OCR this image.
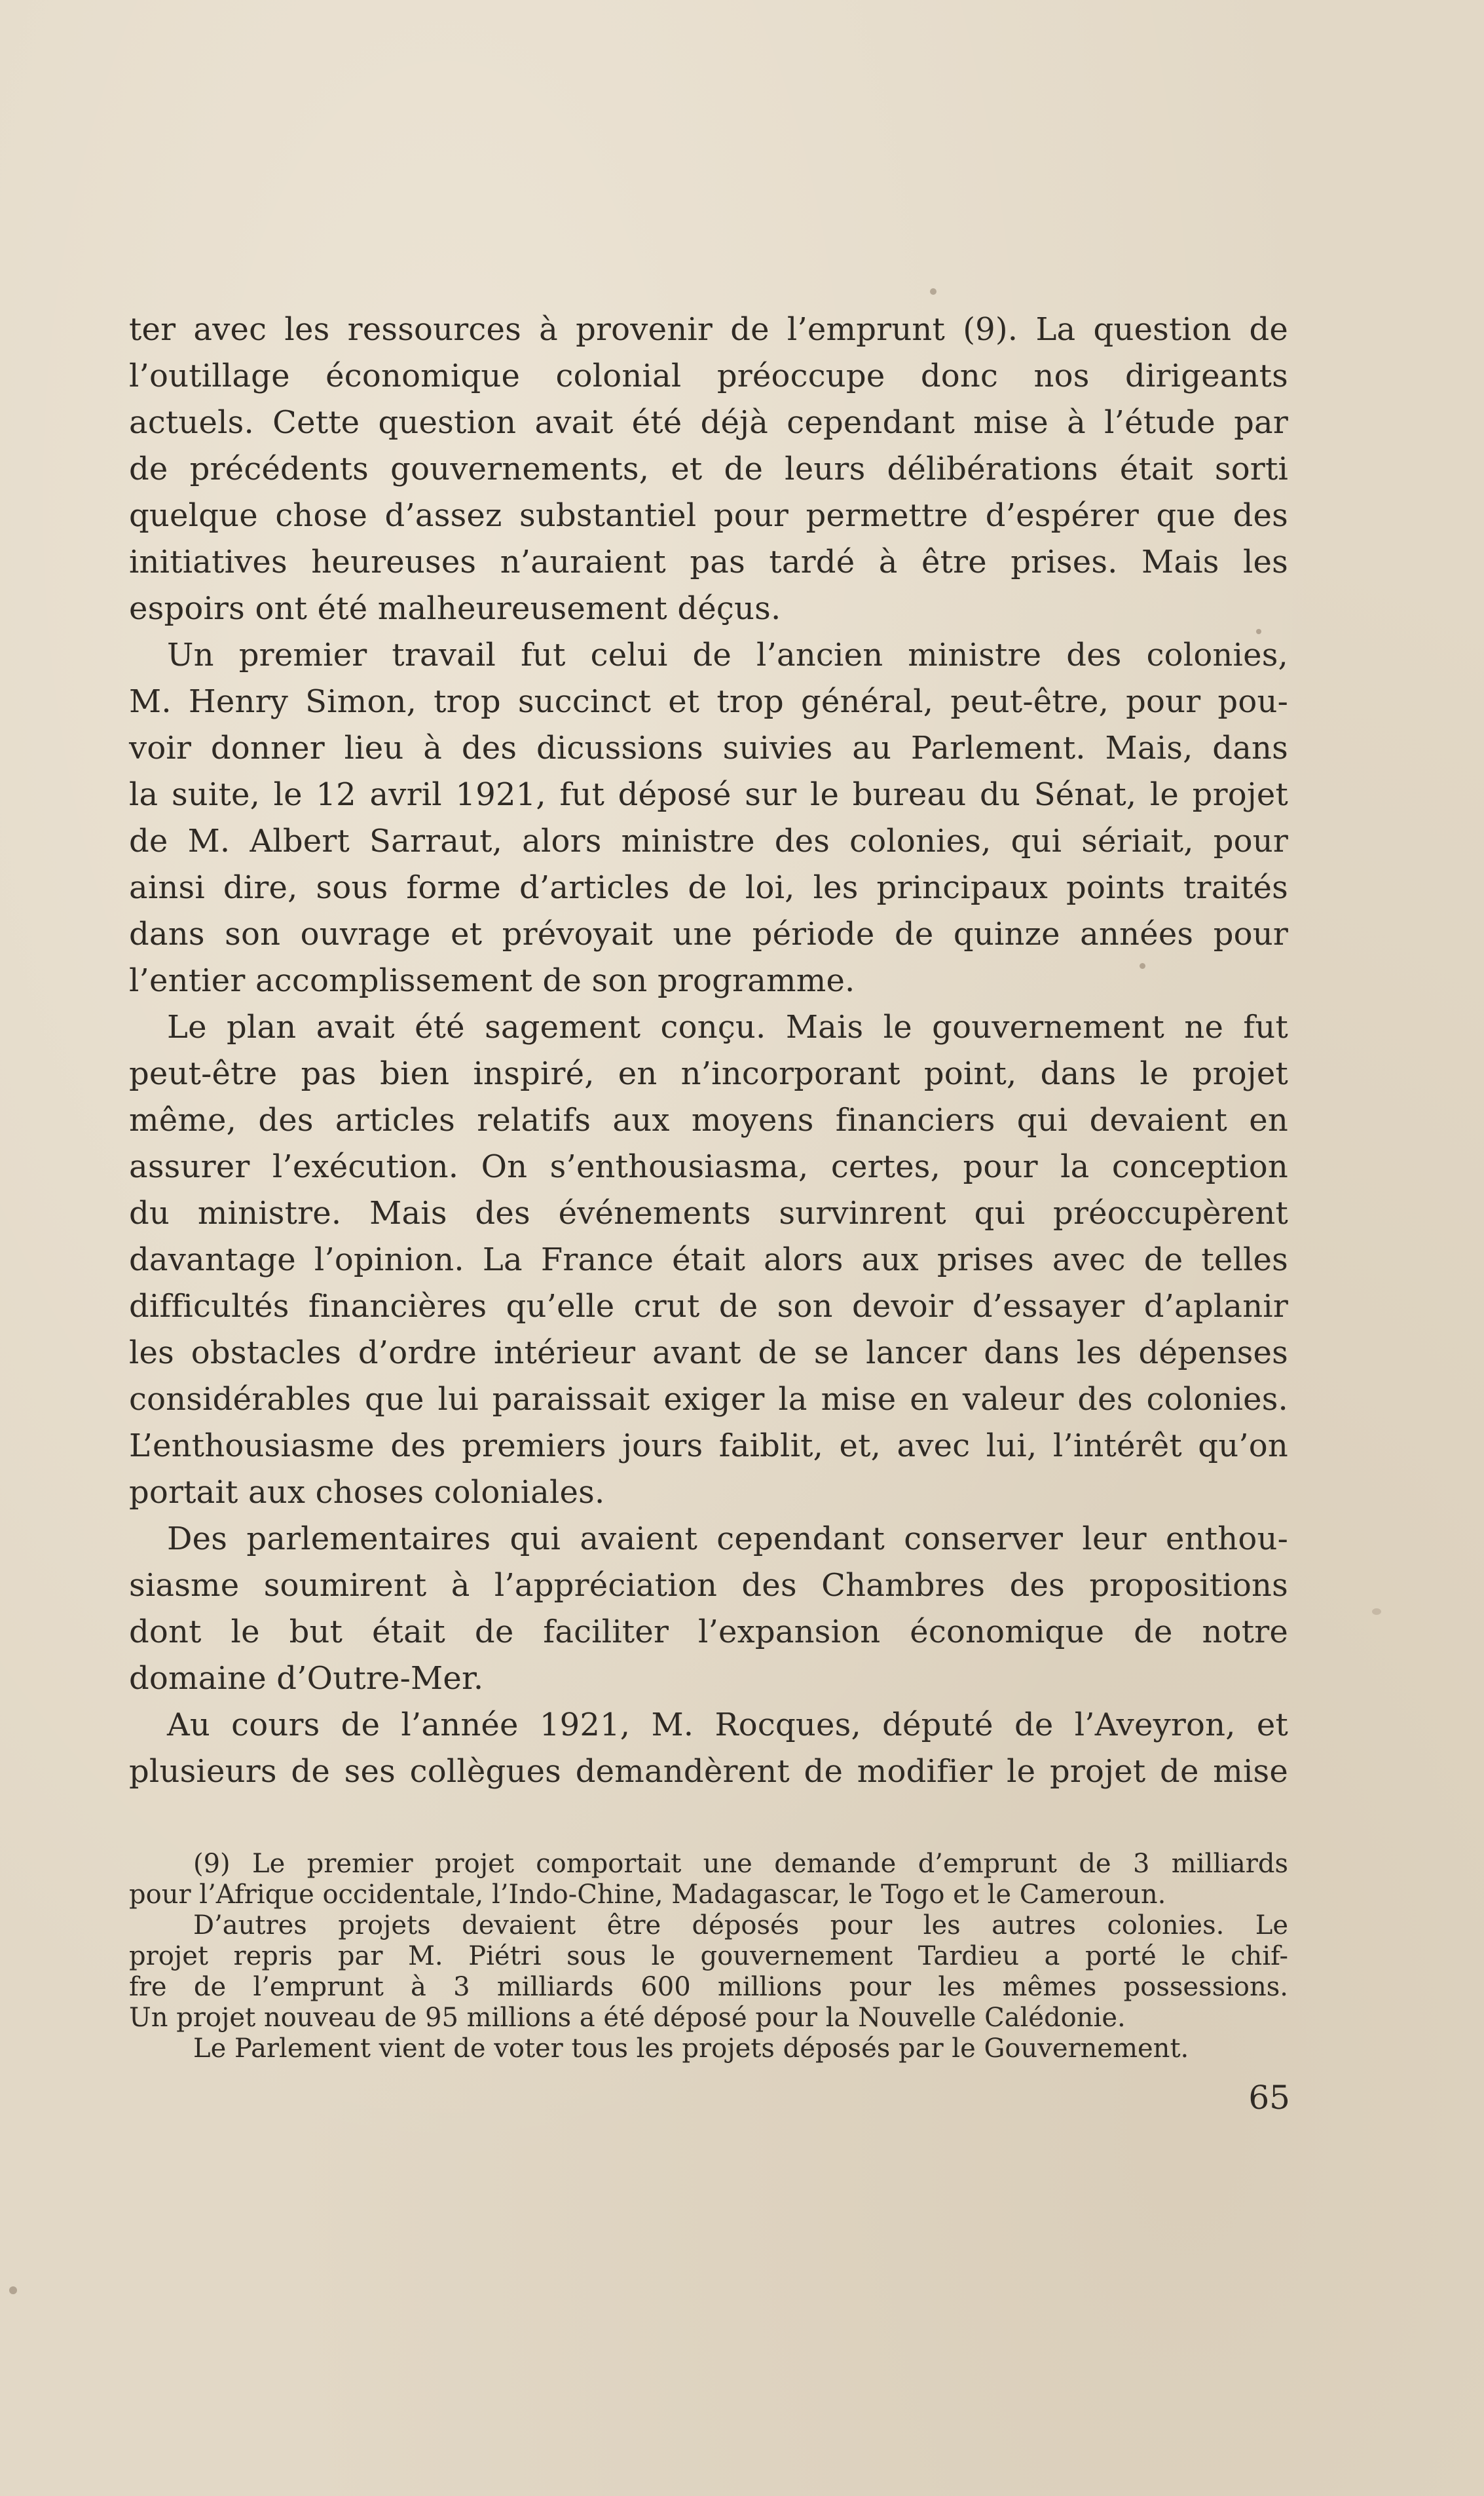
ter avec les ressources à provenir de l’emprunt (9). La question de
l’outillage économique colonial préoccupe donc nos dirigeants
actuels. Cette question avait été déjà cependant mise à l’étude par
de précédents gouvernements, et de leurs délibérations était sorti
quelque chose d’assez substantiel pour permettre d’espérer que des
initiatives heureuses n’auraient pas tardé à être prises. Mais les
espoirs ont été malheureusement déçus.

Un premier travail fut celui de l’ancien ministre des colonies,
M. Henry Simon, trop succinct et trop général, peut-être, pour pou-
voir donner lieu à des dicussions suivies au Parlement. Mais, dans
la suite, le 12 avril 1921, fut déposé sur le bureau du Sénat, le projet
de M. Albert Sarraut, alors ministre des colonies, qui sériait, pour
ainsi dire, sous forme d’articles de loi, les principaux points traités
dans son ouvrage et prévoyait une période de quinze années pour
l’entier accomplissement de son programme.

Le plan avait été sagement conçu. Mais le gouvernement ne fut
peut-être pas bien inspiré, en n’incorporant point, dans le projet
même, des articles relatifs aux moyens financiers qui devaient en
assurer l’exécution. On s’enthousiasma, certes, pour la conception
du ministre. Mais des événements survinrent qui préoccupèrent
davantage l’opinion. La France était alors aux prises avec de telles
difficultés financières qu’elle crut de son devoir d’essayer d’aplanir
les obstacles d’ordre intérieur avant de se lancer dans les dépenses
considérables que lui paraissait exiger la mise en valeur des colonies.
L’enthousiasme des premiers jours faiblit, et, avec lui, l’intérêt qu’on
portait aux choses coloniales.

Des parlementaires qui avaient cependant conserver leur enthou-
siasme soumirent à l’appréciation des Chambres des propositions
dont le but était de faciliter l’expansion économique de notre
domaine d’Outre-Mer.

Au cours de l’année 1921, M. Rocques, député de l’Aveyron, et
plusieurs de ses collègues demandèrent de modifier le projet de mise

(9) Le premier projet comportait une demande d’emprunt de 3 milliards
pour l’Afrique occidentale, l’Indo-Chine, Madagascar, le Togo et le Cameroun.

D’autres projets devaient être déposés pour les autres colonies. Le
projet repris par M. Piétri sous le gouvernement Tardieu a porté le chif-
fre de l’emprunt à 3 milliards 600 millions pour les mêmes possessions.
Un projet nouveau de 95 millions a été déposé pour la Nouvelle Calédonie.

Le Parlement vient de voter tous les projets déposés par le Gouvernement.

65
